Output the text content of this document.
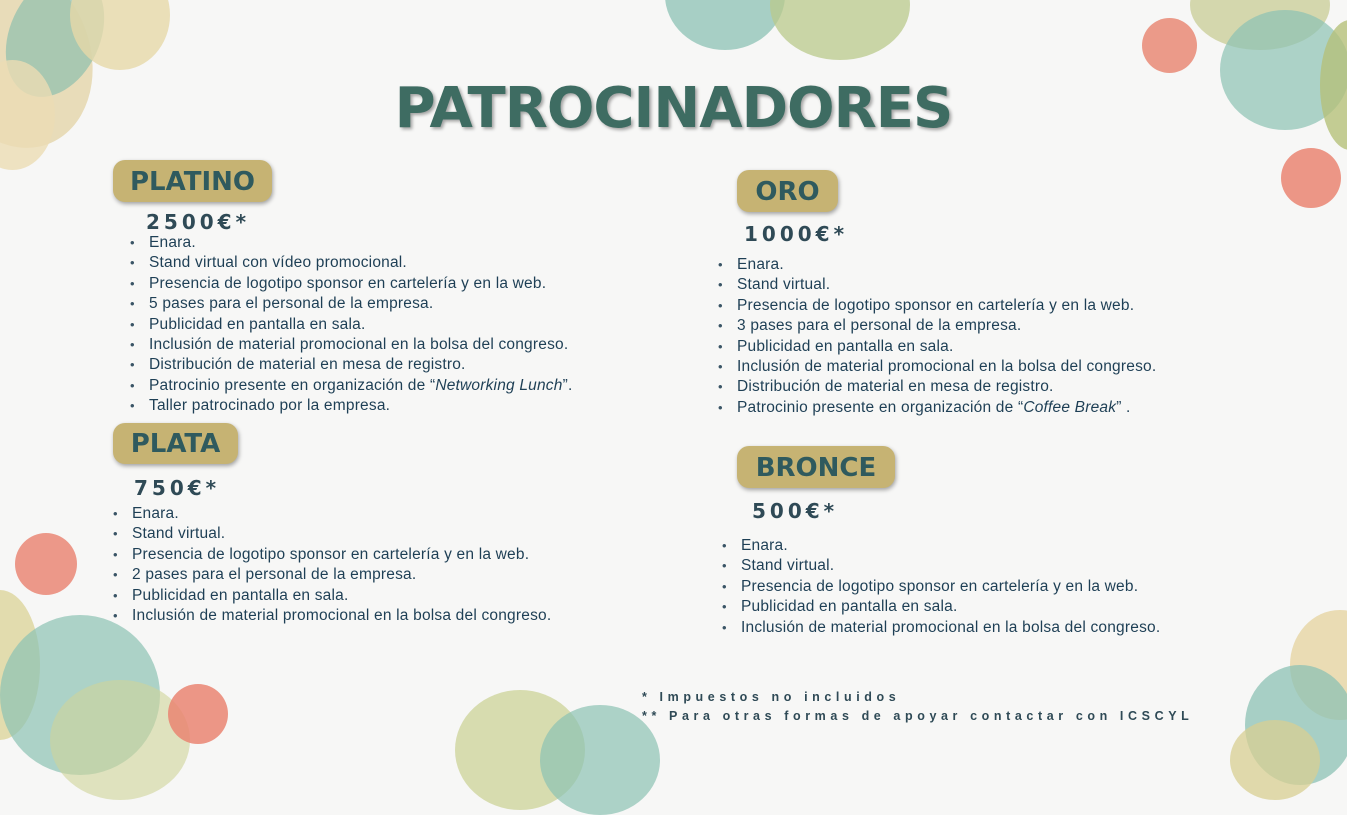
PATROCINADORES
PLATINO
2500€*
• Enara.
• Stand virtual con vídeo promocional.
• Presencia de logotipo sponsor en cartelería y en la web.
• 5 pases para el personal de la empresa.
• Publicidad en pantalla en sala.
• Inclusión de material promocional en la bolsa del congreso.
• Distribución de material en mesa de registro.
• Patrocinio presente en organización de “Networking Lunch”.
• Taller patrocinado por la empresa.
ORO
1000€*
• Enara.
• Stand virtual.
• Presencia de logotipo sponsor en cartelería y en la web.
• 3 pases para el personal de la empresa.
• Publicidad en pantalla en sala.
• Inclusión de material promocional en la bolsa del congreso.
• Distribución de material en mesa de registro.
• Patrocinio presente en organización de “Coffee Break” .
PLATA
750€*
• Enara.
• Stand virtual.
• Presencia de logotipo sponsor en cartelería y en la web.
• 2 pases para el personal de la empresa.
• Publicidad en pantalla en sala.
• Inclusión de material promocional en la bolsa del congreso.
BRONCE
500€*
• Enara.
• Stand virtual.
• Presencia de logotipo sponsor en cartelería y en la web.
• Publicidad en pantalla en sala.
• Inclusión de material promocional en la bolsa del congreso.
* Impuestos no incluidos
** Para otras formas de apoyar contactar con ICSCYL
